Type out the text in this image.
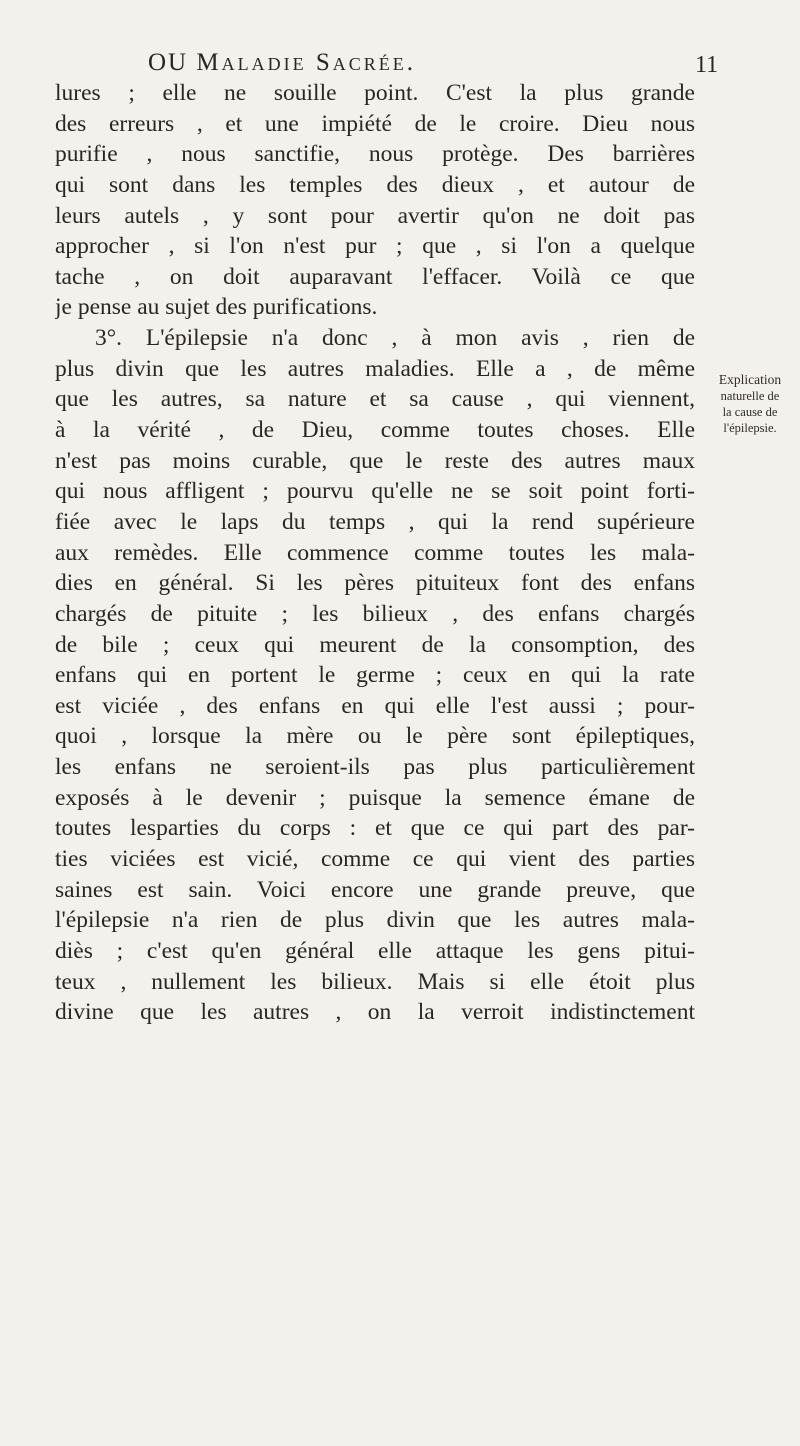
OU Maladie Sacrée.	11
lures ; elle ne souille point. C'est la plus grande
des erreurs , et une impiété de le croire. Dieu nous
purifie , nous sanctifie, nous protège. Des barrières
qui sont dans les temples des dieux , et autour de
leurs autels , y sont pour avertir qu'on ne doit pas
approcher , si l'on n'est pur ; que , si l'on a quelque
tache , on doit auparavant l'effacer. Voilà ce que
je pense au sujet des purifications.
3°. L'épilepsie n'a donc , à mon avis , rien de
plus divin que les autres maladies. Elle a , de même
que les autres, sa nature et sa cause , qui viennent,
à la vérité , de Dieu, comme toutes choses. Elle
n'est pas moins curable, que le reste des autres maux
qui nous affligent ; pourvu qu'elle ne se soit point forti-
fiée avec le laps du temps , qui la rend supérieure
aux remèdes. Elle commence comme toutes les mala-
dies en général. Si les pères pituiteux font des enfans
chargés de pituite ; les bilieux , des enfans chargés
de bile ; ceux qui meurent de la consomption, des
enfans qui en portent le germe ; ceux en qui la rate
est viciée , des enfans en qui elle l'est aussi ; pour-
quoi , lorsque la mère ou le père sont épileptiques,
les enfans ne seroient-ils pas plus particulièrement
exposés à le devenir ; puisque la semence émane de
toutes lesparties du corps : et que ce qui part des par-
ties viciées est vicié, comme ce qui vient des parties
saines est sain. Voici encore une grande preuve, que
l'épilepsie n'a rien de plus divin que les autres mala-
diès ; c'est qu'en général elle attaque les gens pitui-
teux , nullement les bilieux. Mais si elle étoit plus
divine que les autres , on la verroit indistinctement
Explication
naturelle de
la cause de
l'épilepsie.
